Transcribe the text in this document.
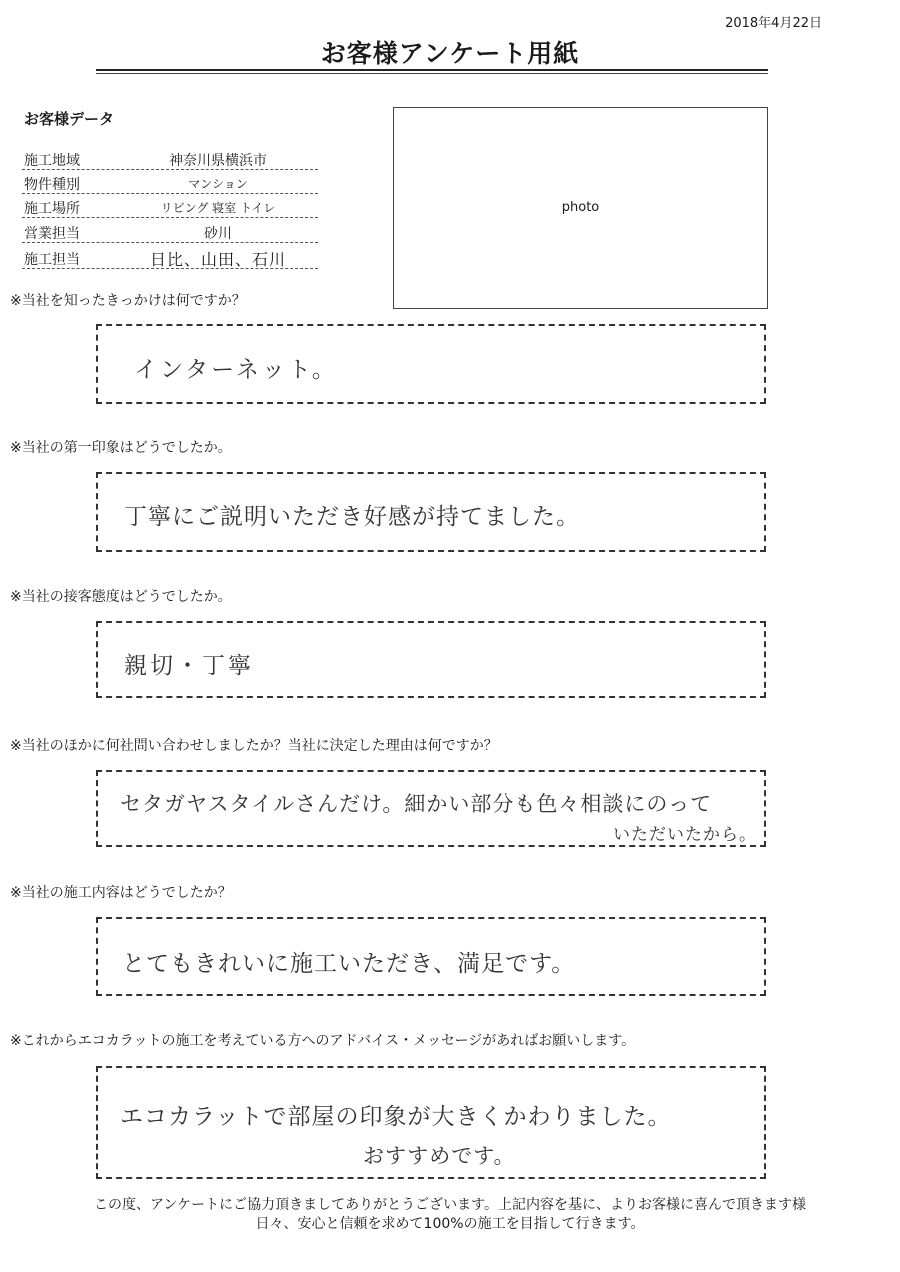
2018年4月22日
お客様アンケート用紙
お客様データ
施工地域	神奈川県横浜市
物件種別	マンション
施工場所	リビング 寝室 トイレ
営業担当	砂川
施工担当	日比、山田、石川
photo
※当社を知ったきっかけは何ですか？
インターネット。
※当社の第一印象はどうでしたか。
丁寧にご説明いただき好感が持てました。
※当社の接客態度はどうでしたか。
親切・丁寧
※当社のほかに何社問い合わせしましたか？当社に決定した理由は何ですか？
セタガヤスタイルさんだけ。細かい部分も色々相談にのって
いただいたから。
※当社の施工内容はどうでしたか？
とてもきれいに施工いただき、満足です。
※これからエコカラットの施工を考えている方へのアドバイス・メッセージがあればお願いします。
エコカラットで部屋の印象が大きくかわりました。
おすすめです。
この度、アンケートにご協力頂きましてありがとうございます。上記内容を基に、よりお客様に喜んで頂きます様
日々、安心と信頼を求めて100%の施工を目指して行きます。
